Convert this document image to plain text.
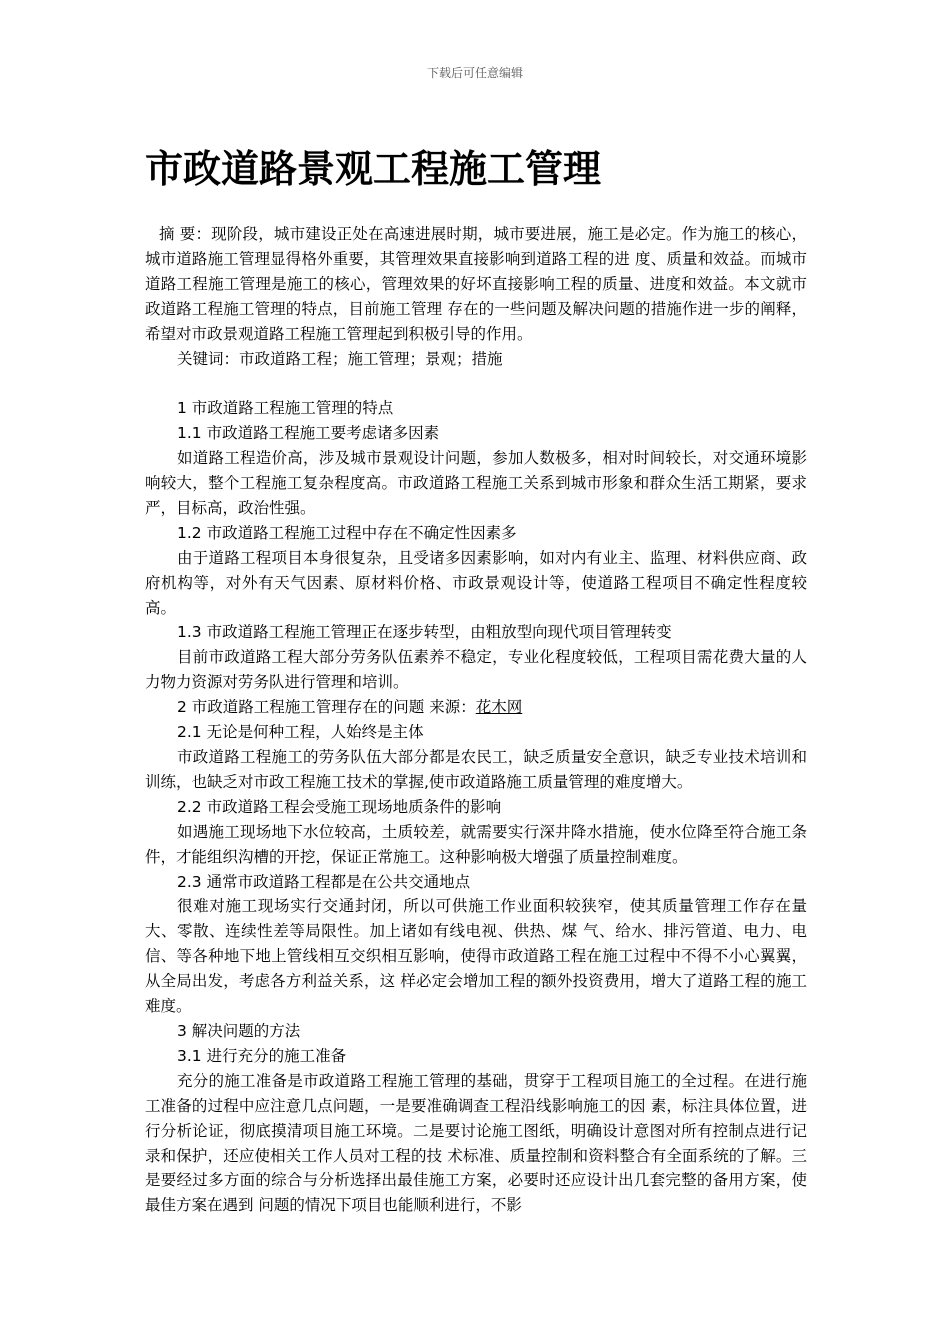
下载后可任意编辑
市政道路景观工程施工管理

摘 要：现阶段，城市建设正处在高速进展时期，城市要进展，施工是必定。作为施工的核心，城市道路施工管理显得格外重要，其管理效果直接影响到道路工程的进 度、质量和效益。而城市道路工程施工管理是施工的核心，管理效果的好坏直接影响工程的质量、进度和效益。本文就市政道路工程施工管理的特点，目前施工管理 存在的一些问题及解决问题的措施作进一步的阐释，希望对市政景观道路工程施工管理起到积极引导的作用。

关键词：市政道路工程；施工管理；景观；措施

1 市政道路工程施工管理的特点

1.1 市政道路工程施工要考虑诸多因素

如道路工程造价高，涉及城市景观设计问题，参加人数极多，相对时间较长，对交通环境影响较大，整个工程施工复杂程度高。市政道路工程施工关系到城市形象和群众生活工期紧，要求严，目标高，政治性强。

1.2 市政道路工程施工过程中存在不确定性因素多

由于道路工程项目本身很复杂，且受诸多因素影响，如对内有业主、监理、材料供应商、政府机构等，对外有天气因素、原材料价格、市政景观设计等，使道路工程项目不确定性程度较高。

1.3 市政道路工程施工管理正在逐步转型，由粗放型向现代项目管理转变

目前市政道路工程大部分劳务队伍素养不稳定，专业化程度较低，工程项目需花费大量的人力物力资源对劳务队进行管理和培训。

2 市政道路工程施工管理存在的问题 来源：花木网

2.1 无论是何种工程，人始终是主体

市政道路工程施工的劳务队伍大部分都是农民工，缺乏质量安全意识，缺乏专业技术培训和训练，也缺乏对市政工程施工技术的掌握,使市政道路施工质量管理的难度增大。

2.2 市政道路工程会受施工现场地质条件的影响

如遇施工现场地下水位较高，土质较差，就需要实行深井降水措施，使水位降至符合施工条件，才能组织沟槽的开挖，保证正常施工。这种影响极大增强了质量控制难度。

2.3 通常市政道路工程都是在公共交通地点

很难对施工现场实行交通封闭，所以可供施工作业面积较狭窄，使其质量管理工作存在量大、零散、连续性差等局限性。加上诸如有线电视、供热、煤 气、给水、排污管道、电力、电信、等各种地下地上管线相互交织相互影响，使得市政道路工程在施工过程中不得不小心翼翼，从全局出发，考虑各方利益关系，这 样必定会增加工程的额外投资费用，增大了道路工程的施工难度。

3 解决问题的方法

3.1 进行充分的施工准备

充分的施工准备是市政道路工程施工管理的基础，贯穿于工程项目施工的全过程。在进行施工准备的过程中应注意几点问题，一是要准确调查工程沿线影响施工的因 素，标注具体位置，进行分析论证，彻底摸清项目施工环境。二是要讨论施工图纸，明确设计意图对所有控制点进行记录和保护，还应使相关工作人员对工程的技 术标准、质量控制和资料整合有全面系统的了解。三是要经过多方面的综合与分析选择出最佳施工方案，必要时还应设计出几套完整的备用方案，使最佳方案在遇到 问题的情况下项目也能顺利进行，不影
